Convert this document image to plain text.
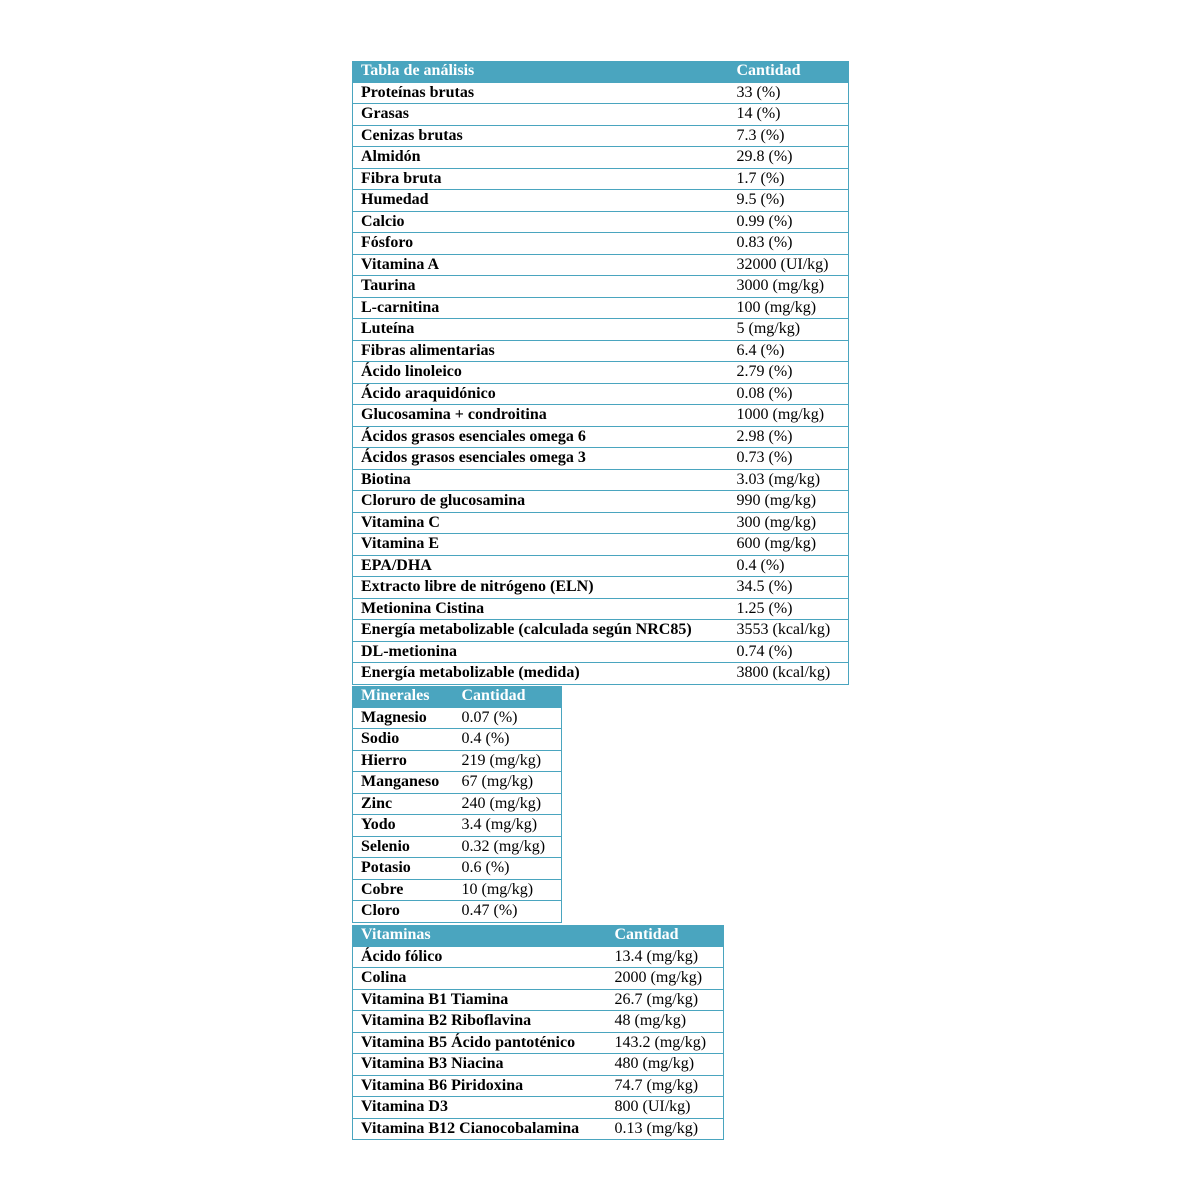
Tabla de análisis	Cantidad
Proteínas brutas	33 (%)
Grasas	14 (%)
Cenizas brutas	7.3 (%)
Almidón	29.8 (%)
Fibra bruta	1.7 (%)
Humedad	9.5 (%)
Calcio	0.99 (%)
Fósforo	0.83 (%)
Vitamina A	32000 (UI/kg)
Taurina	3000 (mg/kg)
L-carnitina	100 (mg/kg)
Luteína	5 (mg/kg)
Fibras alimentarias	6.4 (%)
Ácido linoleico	2.79 (%)
Ácido araquidónico	0.08 (%)
Glucosamina + condroitina	1000 (mg/kg)
Ácidos grasos esenciales omega 6	2.98 (%)
Ácidos grasos esenciales omega 3	0.73 (%)
Biotina	3.03 (mg/kg)
Cloruro de glucosamina	990 (mg/kg)
Vitamina C	300 (mg/kg)
Vitamina E	600 (mg/kg)
EPA/DHA	0.4 (%)
Extracto libre de nitrógeno (ELN)	34.5 (%)
Metionina Cistina	1.25 (%)
Energía metabolizable (calculada según NRC85)	3553 (kcal/kg)
DL-metionina	0.74 (%)
Energía metabolizable (medida)	3800 (kcal/kg)
Minerales	Cantidad
Magnesio	0.07 (%)
Sodio	0.4 (%)
Hierro	219 (mg/kg)
Manganeso	67 (mg/kg)
Zinc	240 (mg/kg)
Yodo	3.4 (mg/kg)
Selenio	0.32 (mg/kg)
Potasio	0.6 (%)
Cobre	10 (mg/kg)
Cloro	0.47 (%)
Vitaminas	Cantidad
Ácido fólico	13.4 (mg/kg)
Colina	2000 (mg/kg)
Vitamina B1 Tiamina	26.7 (mg/kg)
Vitamina B2 Riboflavina	48 (mg/kg)
Vitamina B5 Ácido pantoténico	143.2 (mg/kg)
Vitamina B3 Niacina	480 (mg/kg)
Vitamina B6 Piridoxina	74.7 (mg/kg)
Vitamina D3	800 (UI/kg)
Vitamina B12 Cianocobalamina	0.13 (mg/kg)
